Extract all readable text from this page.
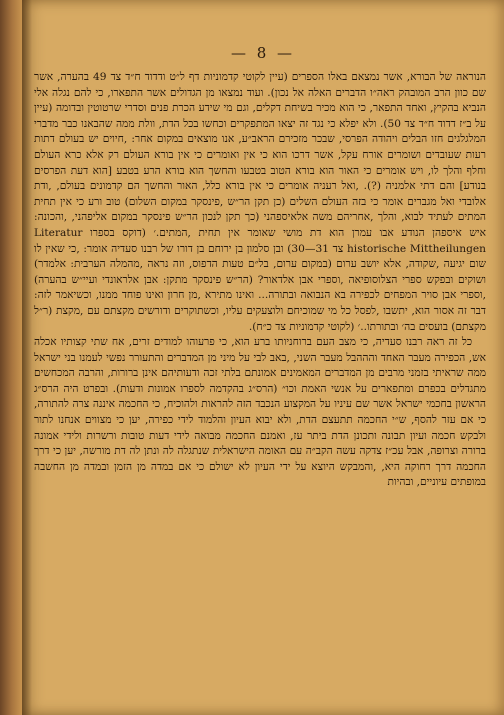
— 8 —

הנוראה של הבורא, אשר נמצאם באלו הספרים (עיין לקוטי קדמוניות דף ל״ט ודדוד ח״ד צד 49 בהערה, אשר שם כוון הרב המובהק ראה״ו הדברים האלה אל נכון). ועוד נמצאו מן הגדולים אשר התפארו, כי להם נגלה אלי הנביא בהקיץ, ואחד התפאר, כי הוא מכיר בשיחת דקלים, וגם מי שידע הכרת פנים וסדרי שרטוטין ובדומה (עיין על ב״ז דדוד ח״ד צד 50). ולא יפלא כי נגד זה יצאו המתפקרים וכחשו בכל הדת, וולת ממה שהבאנו כבר מדברי המלגלגים חזו הבלים ויהודה הפרסי, שבכר מזכירם הראב״ע, אנו מוצאים במקום אחר: ,חיוים יש בעולם דתות רעות שעובדים ושומרים אורח עקל, אשר דרכו הוא כי אין ואומרים כי אין בורא העולם רק אלא כרא העולם וחלף והלך לו, ויש אומרים כי האור הוא בורא הטוב בטבעו והחשך הוא בורא הרע בטבע [הוא דעת הפרסים בנודע] והם דתי אלמניה (?). ,ואל רעניה אומרים כי אין בורא כלל, האור והחשך הם קדמונים בעולם, ,ודת אלובדי ואל מגברים אומר כי בזה העולם השלים (כן תקן הר״ש ,פינסקר במקום השלום) טוב ורע כי אין תחית המתים לעתיד לבוא, והלך ,אחריהם משה אלאיספהני (כך תקן לנכון הר״ש פינסקר במקום אליפהני, ,והכונה: איש איספהן הנודע אבו עמרן הוא דת מושי שאומר אין תחית ,המתים.׳ (דוקס בספרו Literatur historische Mittheilungen צד 31—30) ובן סלמון בן ירוחם בן דורו של רבנו סעדיה אומר: ,כי שאין לו שום יגיעה ,שקודה, אלא יושב ערום (במקום ערום, בל״ם טעות הדפוס, וזה נראה ,מהמלה הערבית: אלמדר) ושוקים ובפקש ספרי הצלוסופיאה ,וספרי אבן אלדאור? (הר״ש פינסקר מתקן: אבן אלראונדי ועיי״ש בהערה) ,וספרי אבן סויר המפחים לכפירה בא הנבואה ובתורה... ואינו מתירא ,מן חרון ואינו פוחד ממנו, וכשיאמר לזה: דבר זה אסור הוא, יתשבו ,לפסל כל מי שמוכיחם ולוצעקים עליו, וכשתוקרים ודורשים מקצתם עם ,מקצת (ר״ל מקצתם) בועסים בה׳ ובתורתו..׳ (לקוטי קדמוניות צד כ״ח).

כל זה ראה רבנו סעדיה, כי מצב העם ברוחניותו ברע הוא, כי פרעוהו למודים זרים, אח שתי קצותיו אכלה אש, הכפירה מעבר האחד והההבל מעבר השני, ,באב לבי על מיני מן המדברים והתעורר נפשי לעמנו בני ישראל ממה שראיתי בזמני מרבים מן המדברים המאמינים אמונתם בלתי זכה ודעותיהם אינן ברורות, והרבה המכחשים מתגדלים בכפרם ומתפארים על אנשי האמת וכו״ (הרס״ג בהקדמה לספרו אמונות ודעות). ובפרט היה הרס״ג הראשון בחכמי ישראל אשר שם עיניו על המקצוע הנכבד הזה להראות ולהוכיח, כי החכמה איננה צרה להתורה, כי אם עזר להסף, ש״י החכמה תתעצם הדת, ולא יבוא העיון והלמוד לידי כפירה, יען כי מצווים אנחנו לתור ולבקש חכמה ועיון תבונה ותכונן הדת ביתר עז, ואמנם החכמה מבואה לידי דעות טובות ורשרות ולידי אמונה ברורה וצרופה, אבל עכ״ז צדקה עשה הקב״ה עם האומה הישראלית שנתגלה לה ונתן לה דת מורשה, יען כי דרך החכמה דרך רחוקה היא, ,והמבקש היוצא על ידי העיון לא ישולם כי אם במדה מן הזמן ובמדה מן החשבה במופתים עיוניים, ובהיות
